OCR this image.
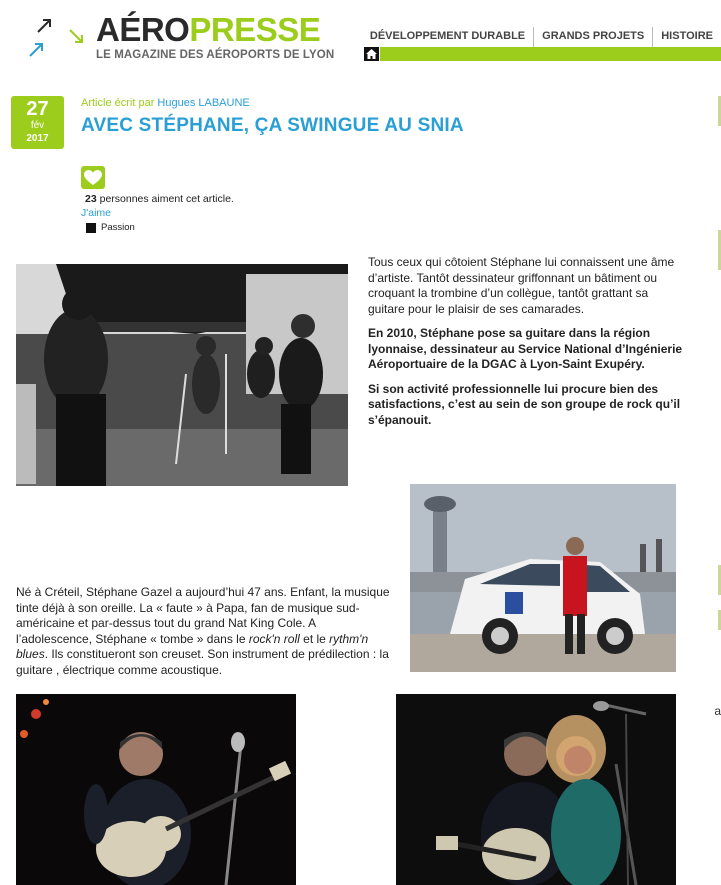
AÉROPRESSE
LE MAGAZINE DES AÉROPORTS DE LYON
DÉVELOPPEMENT DURABLE	GRANDS PROJETS	HISTOIRE
27
fév
2017
Article écrit par Hugues LABAUNE
AVEC STÉPHANE, ÇA SWINGUE AU SNIA
23 personnes aiment cet article.
J'aime
Passion

Tous ceux qui côtoient Stéphane lui connaissent une âme d’artiste. Tantôt dessinateur griffonnant un bâtiment ou croquant la trombine d’un collègue, tantôt grattant sa guitare pour le plaisir de ses camarades.

En 2010, Stéphane pose sa guitare dans la région lyonnaise, dessinateur au Service National d’Ingénierie Aéroportuaire de la DGAC à Lyon-Saint Exupéry.

Si son activité professionnelle lui procure bien des satisfactions, c’est au sein de son groupe de rock qu’il s’épanouit.

Né à Créteil, Stéphane Gazel a aujourd’hui 47 ans. Enfant, la musique tinte déjà à son oreille. La « faute » à Papa, fan de musique sud-américaine et par-dessus tout du grand Nat King Cole. A l’adolescence, Stéphane « tombe » dans le rock'n roll et le rythm'n blues. Ils constitueront son creuset. Son instrument de prédilection : la guitare , électrique comme acoustique.

a
